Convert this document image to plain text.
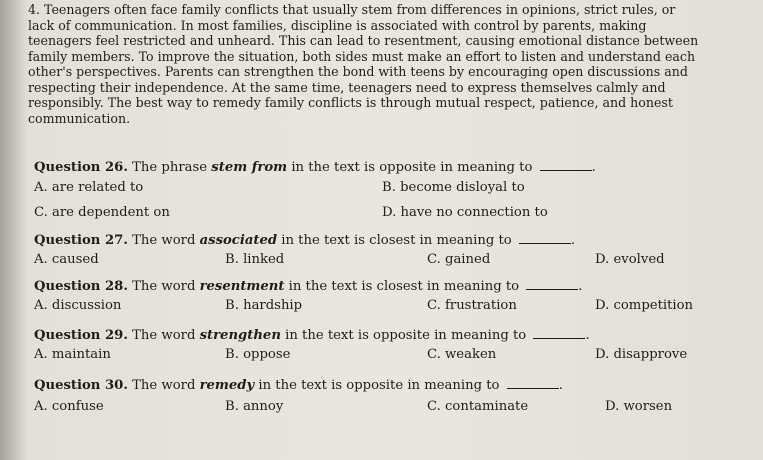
4. Teenagers often face family conflicts that usually stem from differences in opinions, strict rules, or
lack of communication. In most families, discipline is associated with control by parents, making
teenagers feel restricted and unheard. This can lead to resentment, causing emotional distance between
family members. To improve the situation, both sides must make an effort to listen and understand each
other's perspectives. Parents can strengthen the bond with teens by encouraging open discussions and
respecting their independence. At the same time, teenagers need to express themselves calmly and
responsibly. The best way to remedy family conflicts is through mutual respect, patience, and honest
communication.
Question 26. The phrase stem from in the text is opposite in meaning to	.
A. are related to	B. become disloyal to
C. are dependent on	D. have no connection to
Question 27. The word associated in the text is closest in meaning to	.
A. caused	B. linked	C. gained	D. evolved
Question 28. The word resentment in the text is closest in meaning to	.
A. discussion	B. hardship	C. frustration	D. competition
Question 29. The word strengthen in the text is opposite in meaning to	.
A. maintain	B. oppose	C. weaken	D. disapprove
Question 30. The word remedy in the text is opposite in meaning to	.
A. confuse	B. annoy	C. contaminate	D. worsen
